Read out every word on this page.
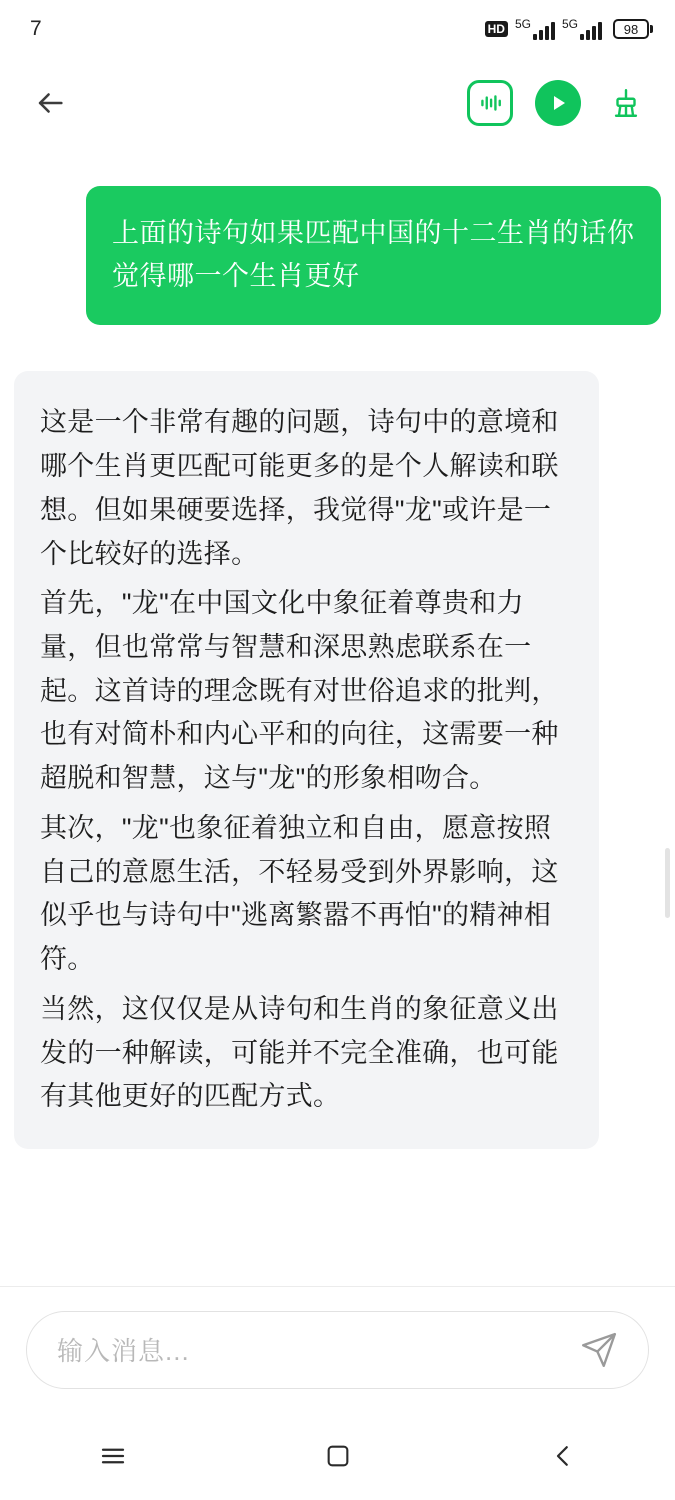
7	HD 5G	5G	98
上面的诗句如果匹配中国的十二生肖的话你觉得哪一个生肖更好

这是一个非常有趣的问题，诗句中的意境和哪个生肖更匹配可能更多的是个人解读和联想。但如果硬要选择，我觉得"龙"或许是一个比较好的选择。

首先，"龙"在中国文化中象征着尊贵和力量，但也常常与智慧和深思熟虑联系在一起。这首诗的理念既有对世俗追求的批判，也有对简朴和内心平和的向往，这需要一种超脱和智慧，这与"龙"的形象相吻合。

其次，"龙"也象征着独立和自由，愿意按照自己的意愿生活，不轻易受到外界影响，这似乎也与诗句中"逃离繁嚣不再怕"的精神相符。

当然，这仅仅是从诗句和生肖的象征意义出发的一种解读，可能并不完全准确，也可能有其他更好的匹配方式。

输入消息...
